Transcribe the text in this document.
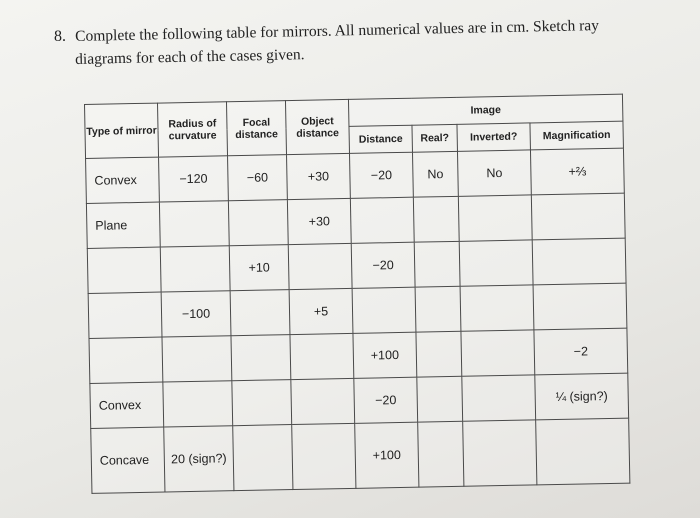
8. Complete the following table for mirrors. All numerical values are in cm. Sketch ray
diagrams for each of the cases given.
Type of mirror	Radius of curvature	Focal distance	Object distance	Image			
				Distance	Real?	Inverted?	Magnification
Convex	−120	−60	+30	−20	No	No	+⅔
Plane			+30				
		+10		−20			
	−100		+5				
				+100			−2
Convex				−20			¼ (sign?)
Concave	20 (sign?)			+100			
